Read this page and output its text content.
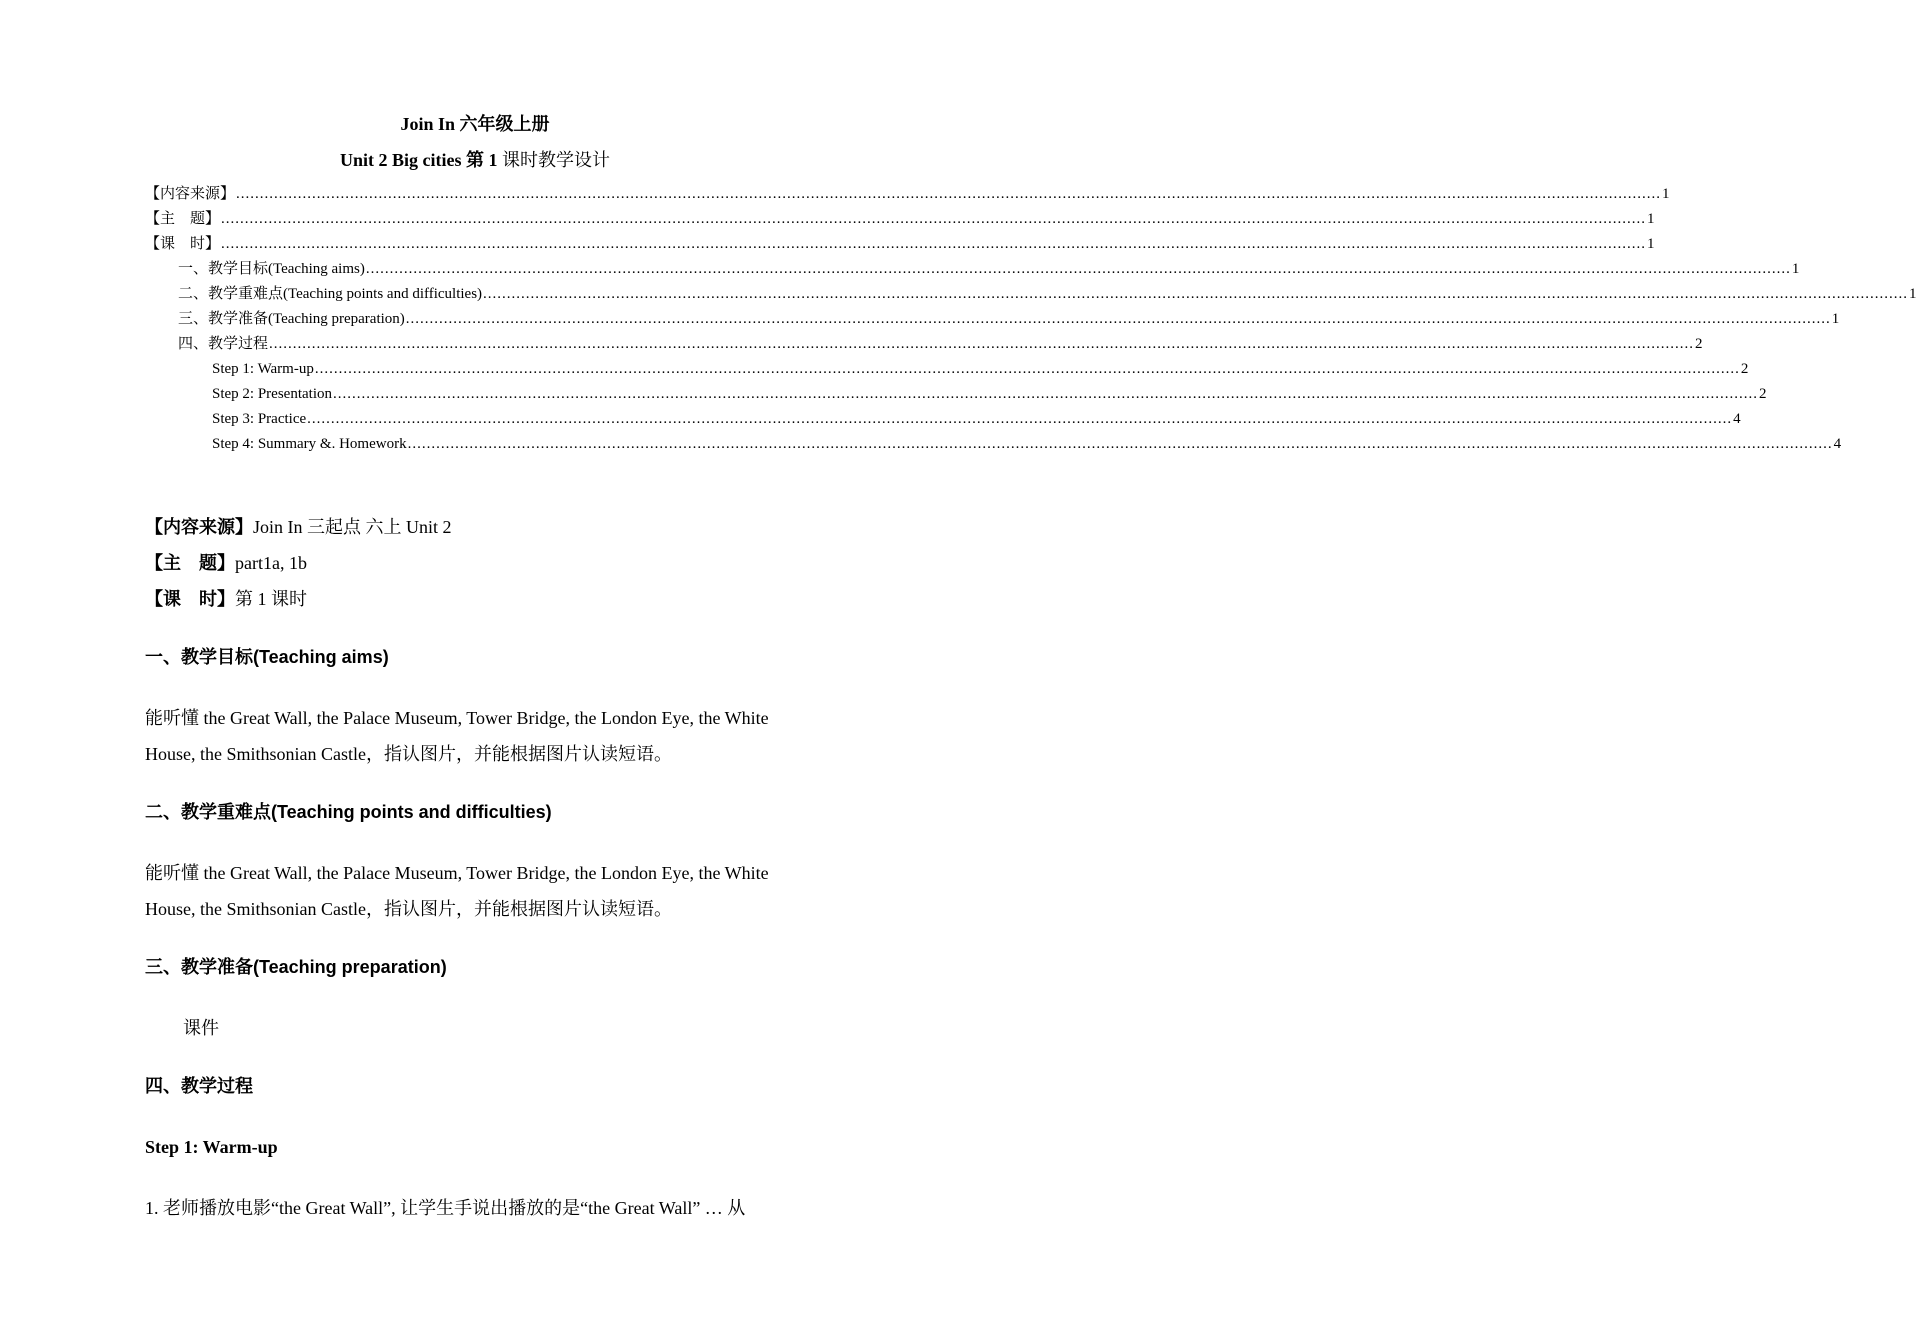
Join In 六年级上册
Unit 2 Big cities 第 1 课时教学设计
【内容来源】 ............................................................................................................................................................................................................................................................................................................ 1
【主　题】 ............................................................................................................................................................................................................................................................................................................ 1
【课　时】 ............................................................................................................................................................................................................................................................................................................ 1
一、教学目标(Teaching aims) ............................................................................................................................................................................................................................................................................................................ 1
二、教学重难点(Teaching points and difficulties) ............................................................................................................................................................................................................................................................................................................ 1
三、教学准备(Teaching preparation) ............................................................................................................................................................................................................................................................................................................ 1
四、教学过程 ............................................................................................................................................................................................................................................................................................................ 2
Step 1: Warm-up ............................................................................................................................................................................................................................................................................................................ 2
Step 2: Presentation ............................................................................................................................................................................................................................................................................................................ 2
Step 3: Practice ............................................................................................................................................................................................................................................................................................................ 4
Step 4: Summary &. Homework ............................................................................................................................................................................................................................................................................................................ 4
【内容来源】Join In 三起点 六上 Unit 2
【主　题】part1a, 1b
【课　时】第 1 课时
一、教学目标(Teaching aims)
能听懂 the Great Wall, the Palace Museum, Tower Bridge, the London Eye, the White House, the Smithsonian Castle，指认图片，并能根据图片认读短语。
二、教学重难点(Teaching points and difficulties)
能听懂 the Great Wall, the Palace Museum, Tower Bridge, the London Eye, the White House, the Smithsonian Castle，指认图片，并能根据图片认读短语。
三、教学准备(Teaching preparation)
课件
四、教学过程
Step 1: Warm-up
1. 老师播放电影“the Great Wall”, 让学生手说出播放的是“the Great Wall” … 从
